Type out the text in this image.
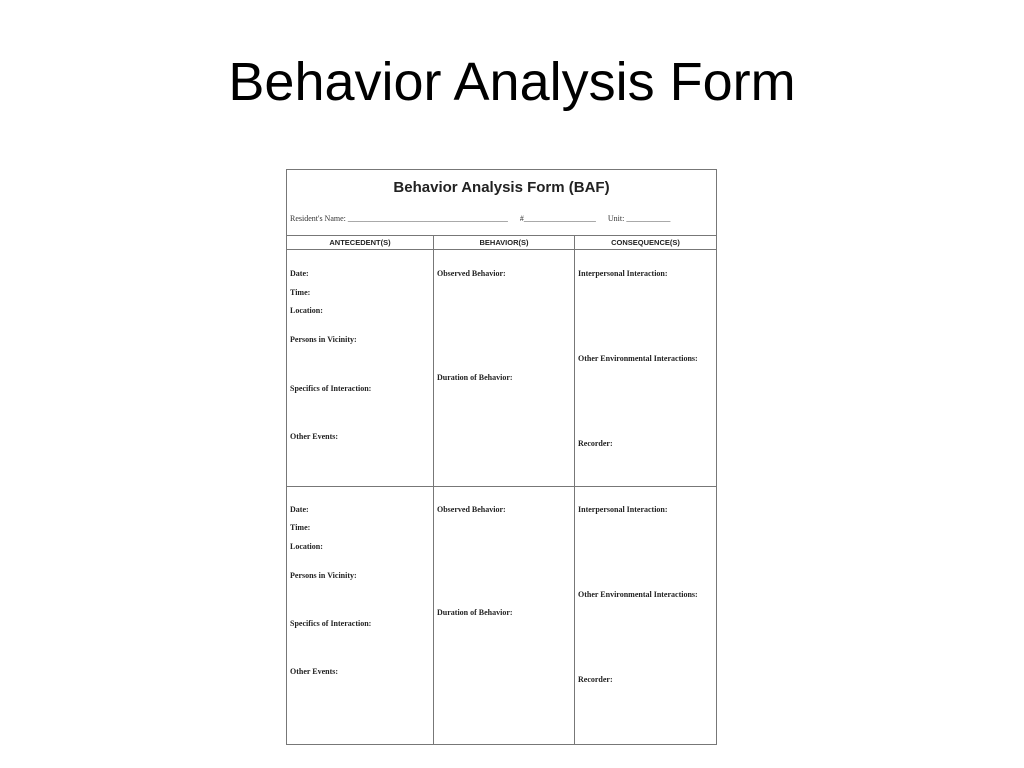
Behavior Analysis Form
Behavior Analysis Form (BAF)
Resident's Name: ________________________________________ #__________________ Unit: ___________
ANTECEDENT(S)	BEHAVIOR(S)	CONSEQUENCE(S)
Date:
Time:
Location:
Persons in Vicinity:
Specifics of Interaction:
Other Events:
Observed Behavior:
Duration of Behavior:
Interpersonal Interaction:
Other Environmental Interactions:
Recorder:
Date:
Time:
Location:
Persons in Vicinity:
Specifics of Interaction:
Other Events:
Observed Behavior:
Duration of Behavior:
Interpersonal Interaction:
Other Environmental Interactions:
Recorder:
